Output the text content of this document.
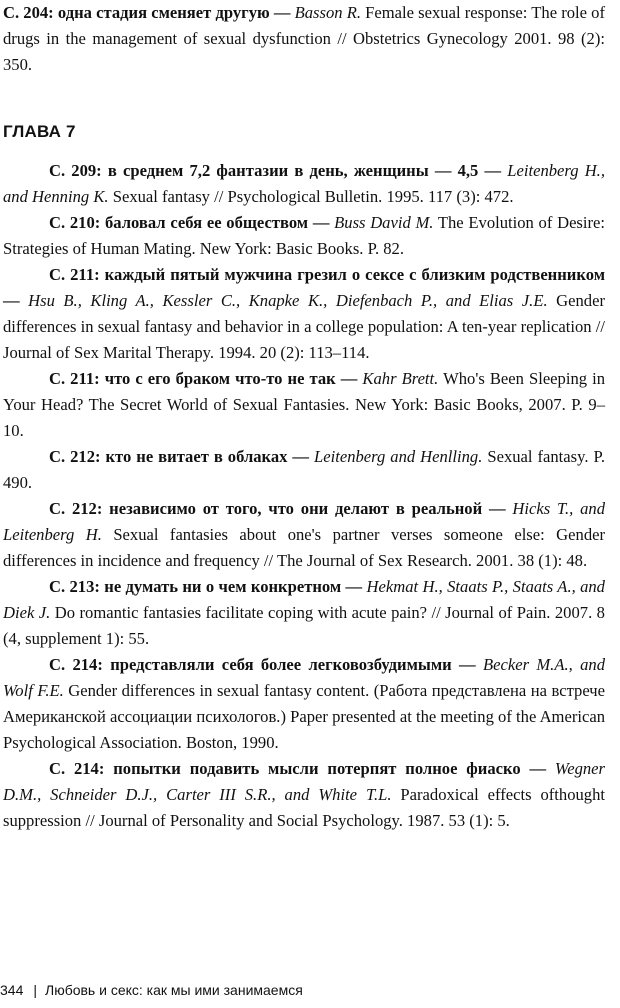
С. 204: одна стадия сменяет другую — Basson R. Female sexual response: The role of drugs in the management of sexual dysfunction // Obstetrics Gynecology 2001. 98 (2): 350.

ГЛАВА 7

С. 209: в среднем 7,2 фантазии в день, женщины — 4,5 — Leitenberg H., and Henning K. Sexual fantasy // Psychological Bulletin. 1995. 117 (3): 472.

С. 210: баловал себя ее обществом — Buss David M. The Evolution of Desire: Strategies of Human Mating. New York: Basic Books. P. 82.

С. 211: каждый пятый мужчина грезил о сексе с близким родственником — Hsu B., Kling A., Kessler C., Knapke K., Diefenbach P., and Elias J.E. Gender differences in sexual fantasy and behavior in a college population: A ten-year replication // Journal of Sex Marital Therapy. 1994. 20 (2): 113–114.

С. 211: что с его браком что-то не так — Kahr Brett. Who's Been Sleeping in Your Head? The Secret World of Sexual Fantasies. New York: Basic Books, 2007. P. 9–10.

С. 212: кто не витает в облаках — Leitenberg and Henlling. Sexual fantasy. P. 490.

С. 212: независимо от того, что они делают в реальной — Hicks T., and Leitenberg H. Sexual fantasies about one's partner verses someone else: Gender differences in incidence and frequency // The Journal of Sex Research. 2001. 38 (1): 48.

С. 213: не думать ни о чем конкретном — Hekmat H., Staats P., Staats A., and Diek J. Do romantic fantasies facilitate coping with acute pain? // Journal of Pain. 2007. 8 (4, supplement 1): 55.

С. 214: представляли себя более легковозбудимыми — Becker M.A., and Wolf F.E. Gender differences in sexual fantasy content. (Работа представлена на встрече Американской ассоциации психологов.) Paper presented at the meeting of the American Psychological Association. Boston, 1990.

С. 214: попытки подавить мысли потерпят полное фиаско — Wegner D.M., Schneider D.J., Carter III S.R., and White T.L. Paradoxical effects ofthought suppression // Journal of Personality and Social Psychology. 1987. 53 (1): 5.

344 | Любовь и секс: как мы ими занимаемся
